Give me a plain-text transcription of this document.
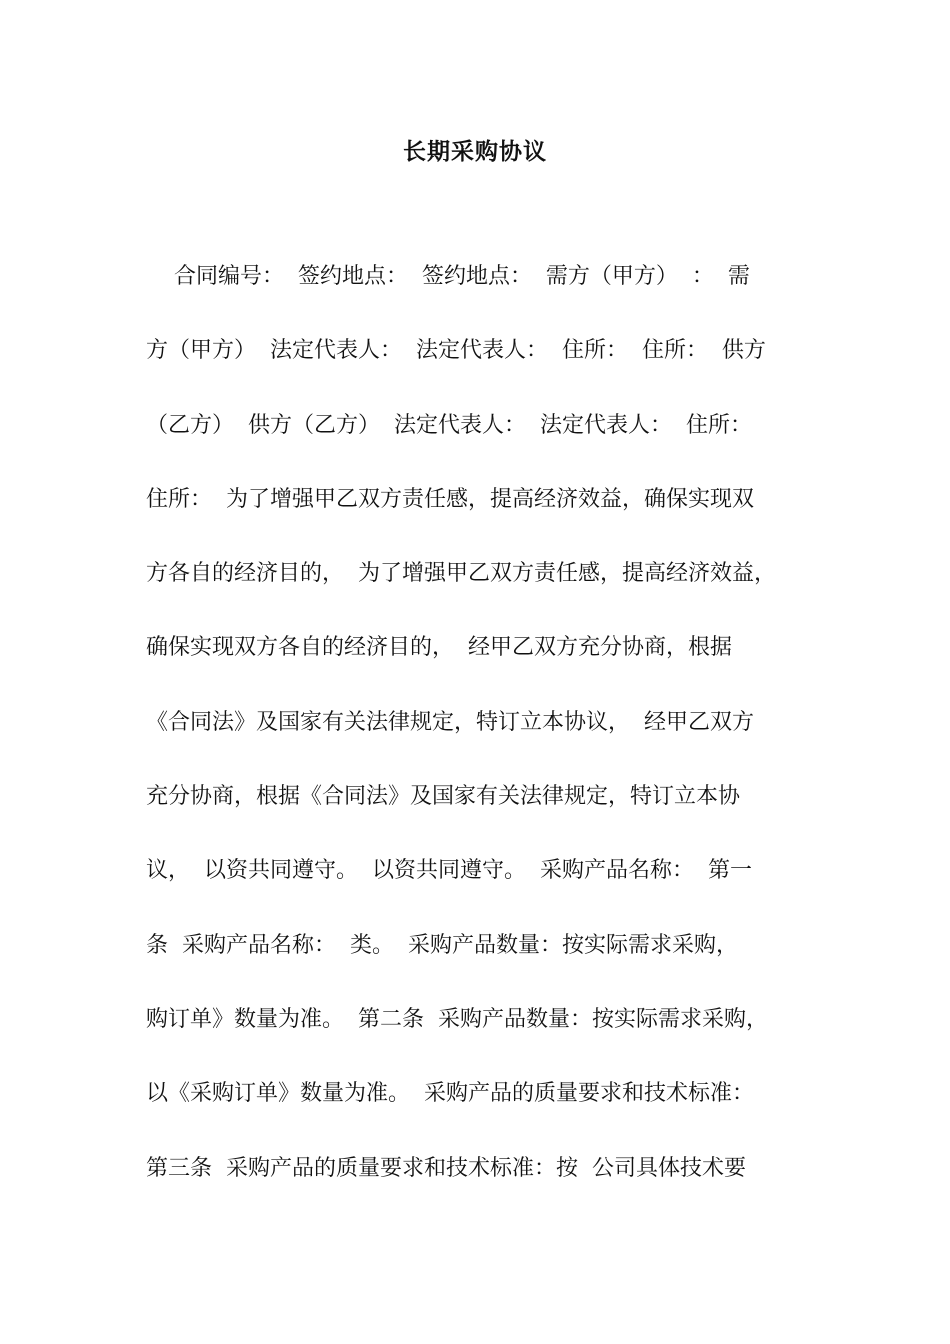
长期采购协议
合同编号：  签约地点：  签约地点：  需方（甲方）  ：  需
方（甲方）  法定代表人：  法定代表人：  住所：  住所：  供方
（乙方）  供方（乙方）  法定代表人：  法定代表人：  住所：
住所：  为了增强甲乙双方责任感，提高经济效益，确保实现双
方各自的经济目的，  为了增强甲乙双方责任感，提高经济效益，
确保实现双方各自的经济目的，  经甲乙双方充分协商，根据
《合同法》及国家有关法律规定，特订立本协议，  经甲乙双方
充分协商，根据《合同法》及国家有关法律规定，特订立本协
议，  以资共同遵守。  以资共同遵守。  采购产品名称：  第一
条  采购产品名称：  类。  采购产品数量：按实际需求采购，
购订单》数量为准。  第二条  采购产品数量：按实际需求采购，
以《采购订单》数量为准。  采购产品的质量要求和技术标准：
第三条  采购产品的质量要求和技术标准：按  公司具体技术要
